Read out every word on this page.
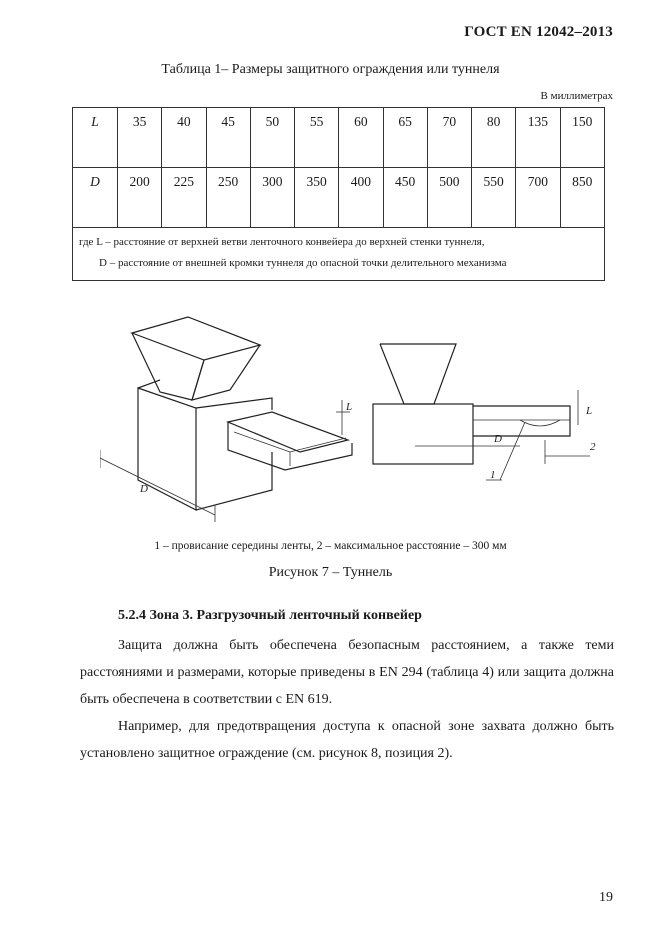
ГОСТ EN 12042–2013
Таблица 1– Размеры защитного ограждения или туннеля
В миллиметрах
L	35	40	45	50	55	60	65	70	80	135	150
D	200	225	250	300	350	400	450	500	550	700	850

где L – расстояние от верхней ветви ленточного конвейера до верхней стенки туннеля,
D – расстояние от внешней кромки туннеля до опасной точки делительного механизма											
L
D
D
L
2
1
1 – провисание середины ленты, 2 – максимальное расстояние – 300 мм
Рисунок 7 – Туннель
5.2.4 Зона 3. Разгрузочный ленточный конвейер
Защита должна быть обеспечена безопасным расстоянием, а также теми расстояниями и размерами, которые приведены в EN 294 (таблица 4) или защита должна быть обеспечена в соответствии с EN 619.
Например, для предотвращения доступа к опасной зоне захвата должно быть установлено защитное ограждение (см. рисунок 8, позиция 2).
19
